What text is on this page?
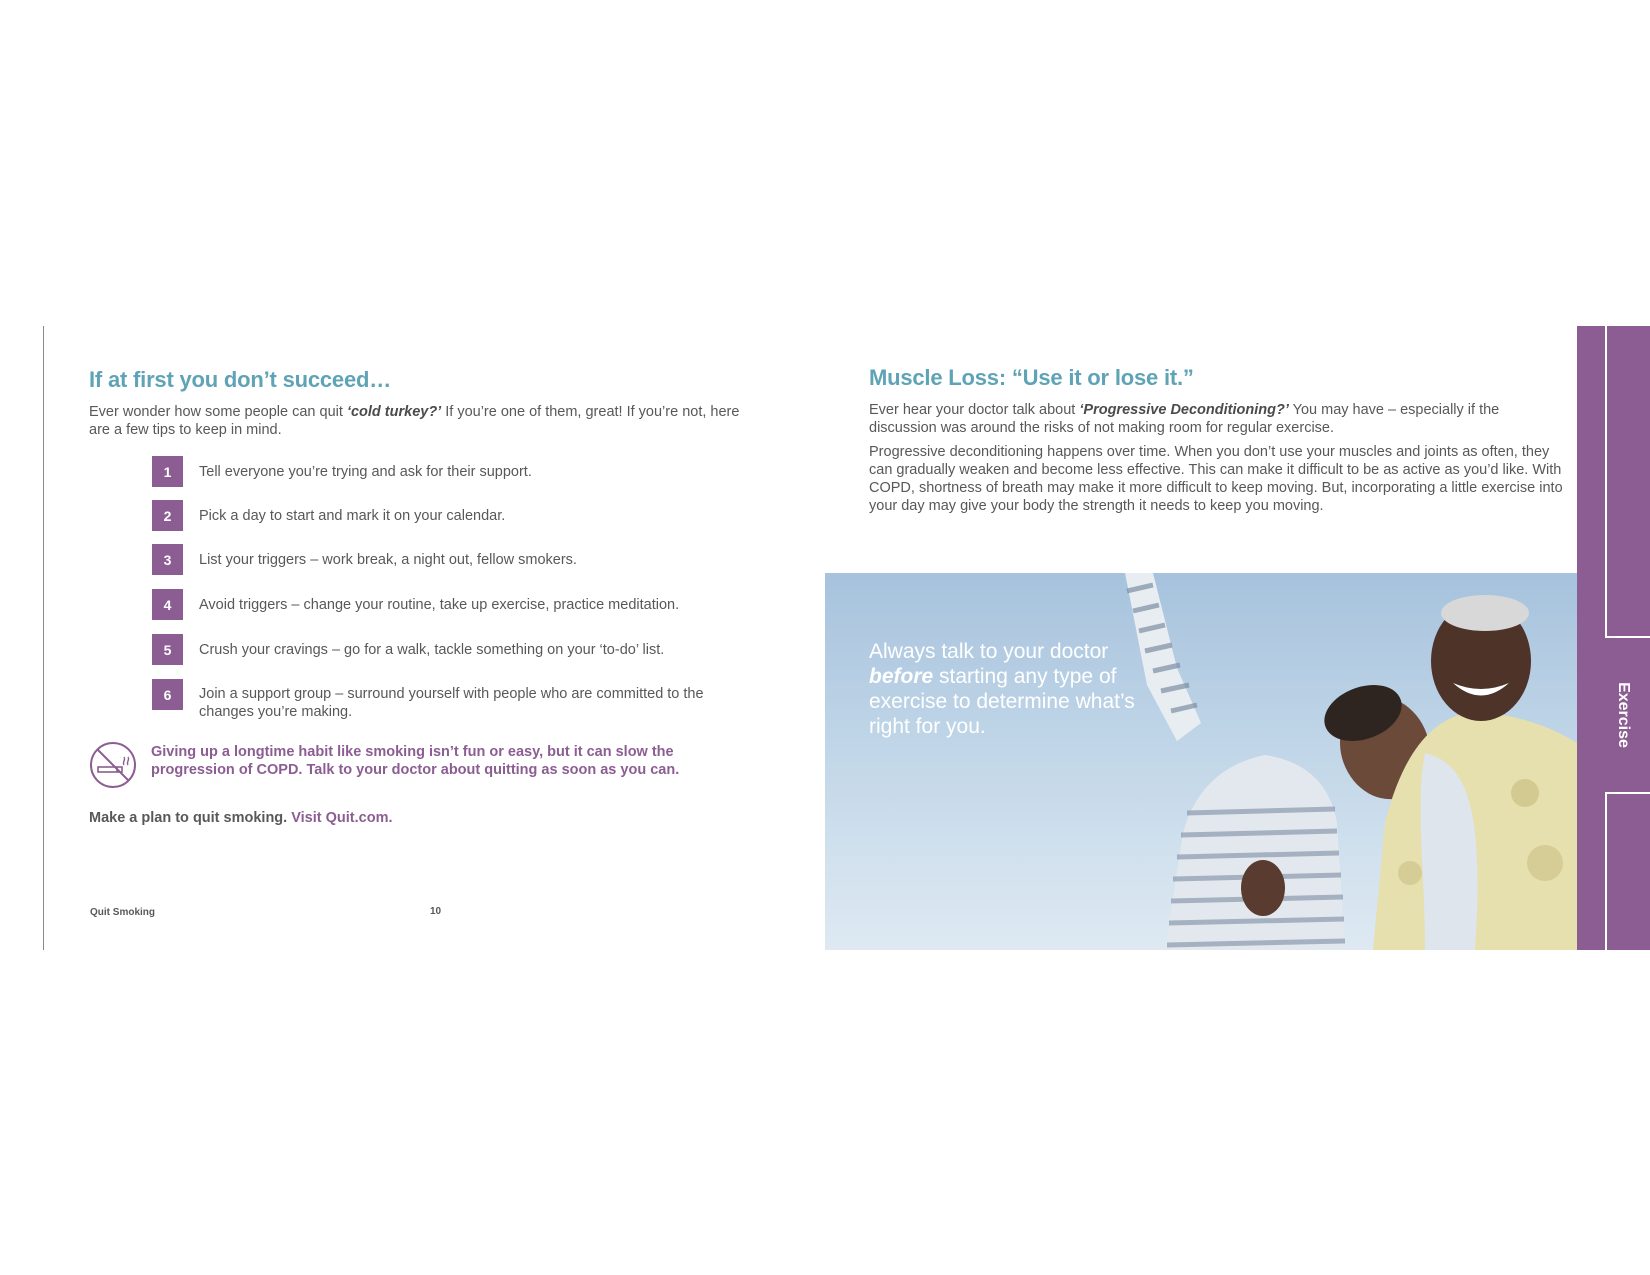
If at first you don’t succeed…

Ever wonder how some people can quit ‘cold turkey?’ If you’re one of them, great! If you’re not, here are a few tips to keep in mind.

1	Tell everyone you’re trying and ask for their support.
2	Pick a day to start and mark it on your calendar.
3	List your triggers – work break, a night out, fellow smokers.
4	Avoid triggers – change your routine, take up exercise, practice meditation.
5	Crush your cravings – go for a walk, tackle something on your ‘to-do’ list.
6	Join a support group – surround yourself with people who are committed to the changes you’re making.

Giving up a longtime habit like smoking isn’t fun or easy, but it can slow the progression of COPD. Talk to your doctor about quitting as soon as you can.

Make a plan to quit smoking. Visit Quit.com.

Quit Smoking	10
Muscle Loss: “Use it or lose it.”

Ever hear your doctor talk about ‘Progressive Deconditioning?’ You may have – especially if the discussion was around the risks of not making room for regular exercise.

Progressive deconditioning happens over time. When you don’t use your muscles and joints as often, they can gradually weaken and become less effective. This can make it difficult to be as active as you’d like. With COPD, shortness of breath may make it more difficult to keep moving. But, incorporating a little exercise into your day may give your body the strength it needs to keep you moving.

Always talk to your doctor before starting any type of exercise to determine what’s right for you.	Exercise
